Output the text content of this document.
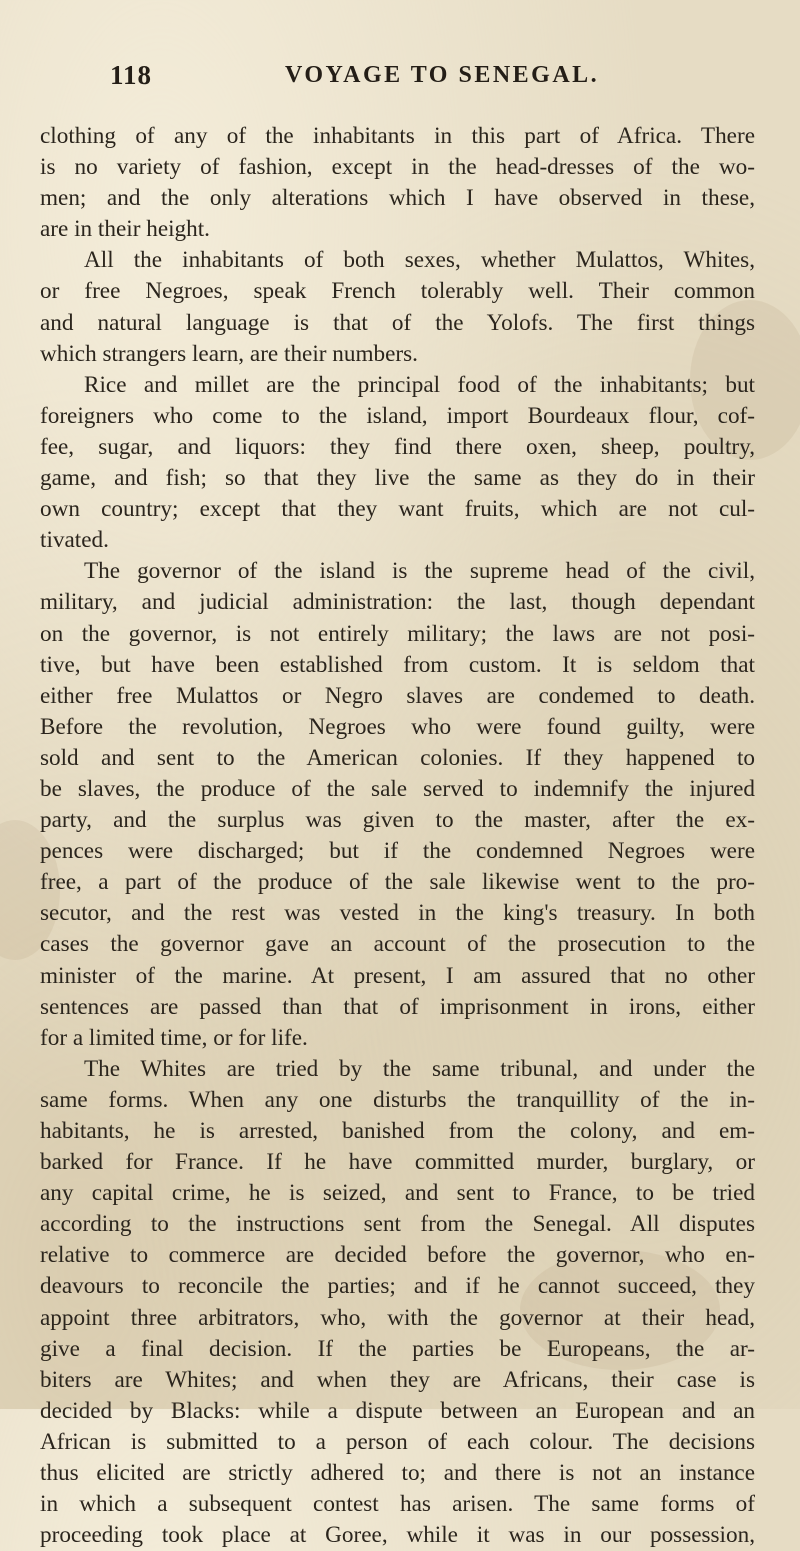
118	VOYAGE TO SENEGAL.
clothing of any of the inhabitants in this part of Africa. There
is no variety of fashion, except in the head-dresses of the wo-
men; and the only alterations which I have observed in these,
are in their height.
All the inhabitants of both sexes, whether Mulattos, Whites,
or free Negroes, speak French tolerably well. Their common
and natural language is that of the Yolofs. The first things
which strangers learn, are their numbers.
Rice and millet are the principal food of the inhabitants; but
foreigners who come to the island, import Bourdeaux flour, cof-
fee, sugar, and liquors: they find there oxen, sheep, poultry,
game, and fish; so that they live the same as they do in their
own country; except that they want fruits, which are not cul-
tivated.
The governor of the island is the supreme head of the civil,
military, and judicial administration: the last, though dependant
on the governor, is not entirely military; the laws are not posi-
tive, but have been established from custom. It is seldom that
either free Mulattos or Negro slaves are condemed to death.
Before the revolution, Negroes who were found guilty, were
sold and sent to the American colonies. If they happened to
be slaves, the produce of the sale served to indemnify the injured
party, and the surplus was given to the master, after the ex-
pences were discharged; but if the condemned Negroes were
free, a part of the produce of the sale likewise went to the pro-
secutor, and the rest was vested in the king's treasury. In both
cases the governor gave an account of the prosecution to the
minister of the marine. At present, I am assured that no other
sentences are passed than that of imprisonment in irons, either
for a limited time, or for life.
The Whites are tried by the same tribunal, and under the
same forms. When any one disturbs the tranquillity of the in-
habitants, he is arrested, banished from the colony, and em-
barked for France. If he have committed murder, burglary, or
any capital crime, he is seized, and sent to France, to be tried
according to the instructions sent from the Senegal. All disputes
relative to commerce are decided before the governor, who en-
deavours to reconcile the parties; and if he cannot succeed, they
appoint three arbitrators, who, with the governor at their head,
give a final decision. If the parties be Europeans, the ar-
biters are Whites; and when they are Africans, their case is
decided by Blacks: while a dispute between an European and an
African is submitted to a person of each colour. The decisions
thus elicited are strictly adhered to; and there is not an instance
in which a subsequent contest has arisen. The same forms of
proceeding took place at Goree, while it was in our possession,
